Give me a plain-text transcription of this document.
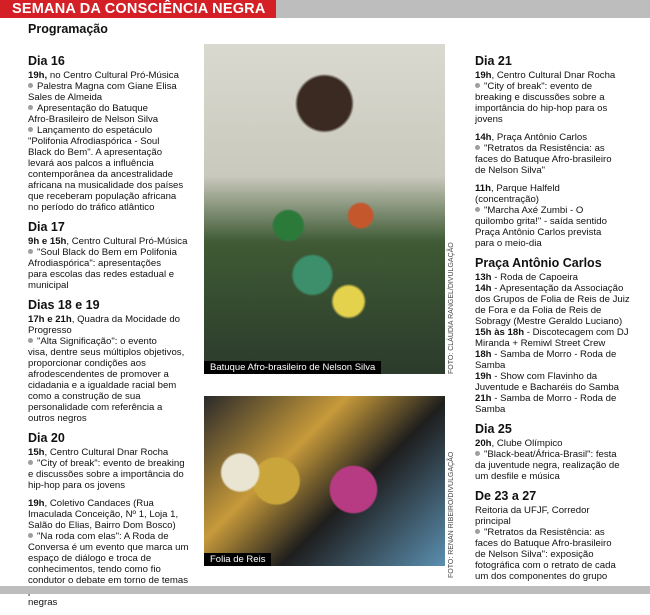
SEMANA DA CONSCIÊNCIA NEGRA
Programação
Dia 16
19h, no Centro Cultural Pró-Música
Palestra Magna com Giane Elisa
Sales de Almeida
Apresentação do Batuque
Afro-Brasileiro de Nelson Silva
Lançamento do espetáculo
"Polifonia Afrodiaspórica - Soul
Black do Bem". A apresentação
levará aos palcos a influência
contemporânea da ancestralidade
africana na musicalidade dos países
que receberam população africana
no período do tráfico atlântico
Dia 17
9h e 15h, Centro Cultural Pró-Música
"Soul Black do Bem em Polifonia
Afrodiaspórica": apresentações
para escolas das redes estadual e
municipal
Dias 18 e 19
17h e 21h, Quadra da Mocidade do
Progresso
"Alta Significação": o evento
visa, dentre seus múltiplos objetivos,
proporcionar condições aos
afrodescendentes de promover a
cidadania e a igualdade racial bem
como a construção de sua
personalidade com referência a
outros negros
Dia 20
15h, Centro Cultural Dnar Rocha
"City of break": evento de breaking
e discussões sobre a importância do
hip-hop para os jovens
19h, Coletivo Candaces (Rua
Imaculada Conceição, Nº 1, Loja 1,
Salão do Elias, Bairro Dom Bosco)
"Na roda com elas": A Roda de
Conversa é um evento que marca um
espaço de diálogo e troca de
conhecimentos, tendo como fio
condutor o debate em torno de temas
negras
Dia 21
19h, Centro Cultural Dnar Rocha
"City of break": evento de
breaking e discussões sobre a
importância do hip-hop para os
jovens
14h, Praça Antônio Carlos
"Retratos da Resistência: as
faces do Batuque Afro-brasileiro
de Nelson Silva"
11h, Parque Halfeld
(concentração)
"Marcha Axé Zumbi - O
quilombo grita!" - saída sentido
Praça Antônio Carlos prevista
para o meio-dia
Praça Antônio Carlos
13h - Roda de Capoeira
14h - Apresentação da Associação
dos Grupos de Folia de Reis de Juiz
de Fora e da Folia de Reis de
Sobragy (Mestre Geraldo Luciano)
15h às 18h - Discotecagem com DJ
Miranda + Remiwl Street Crew
18h - Samba de Morro - Roda de
Samba
19h - Show com Flavinho da
Juventude e Bacharéis do Samba
21h - Samba de Morro - Roda de
Samba
Dia 25
20h, Clube Olímpico
"Black-beat/África-Brasil": festa
da juventude negra, realização de
um desfile e música
De 23 a 27
Reitoria da UFJF, Corredor
principal
"Retratos da Resistência: as
faces do Batuque Afro-brasileiro
de Nelson Silva": exposição
fotográfica com o retrato de cada
um dos componentes do grupo
Batuque Afro-brasileiro de Nelson Silva	FOTO: CLÁUDIA RANGEL/DIVULGAÇÃO
Folia de Reis	FOTO: RENAN RIBEIRO/DIVULGAÇÃO
